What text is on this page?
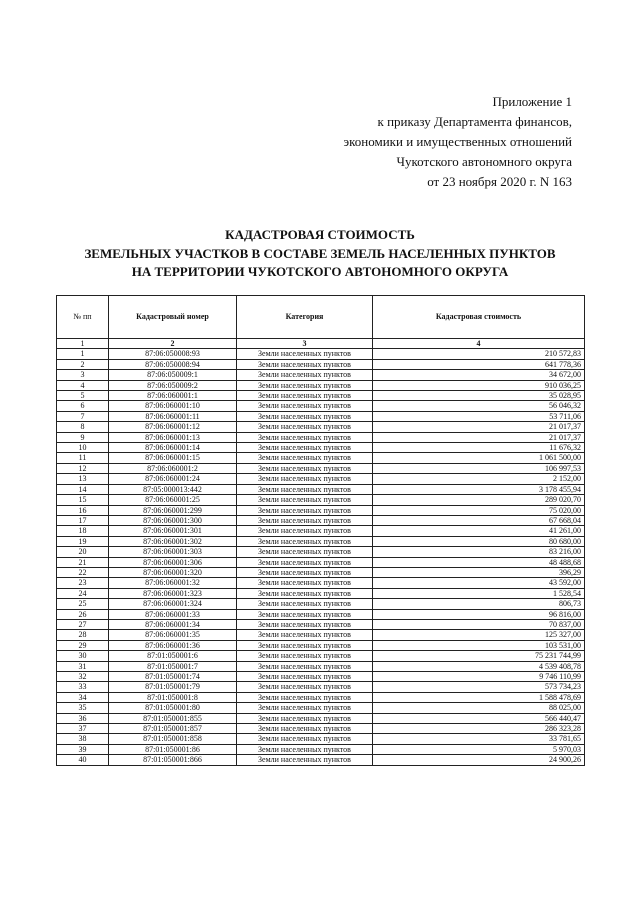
Приложение 1
к приказу Департамента финансов,
экономики и имущественных отношений
Чукотского автономного округа
от 23 ноября 2020 г. N 163
КАДАСТРОВАЯ СТОИМОСТЬ
ЗЕМЕЛЬНЫХ УЧАСТКОВ В СОСТАВЕ ЗЕМЕЛЬ НАСЕЛЕННЫХ ПУНКТОВ
НА ТЕРРИТОРИИ ЧУКОТСКОГО АВТОНОМНОГО ОКРУГА
№ пп	Кадастровый номер	Категория	Кадастровая стоимость
1	2	3	4
1	87:06:050008:93	Земли населенных пунктов	210 572,83
2	87:06:050008:94	Земли населенных пунктов	641 778,36
3	87:06:050009:1	Земли населенных пунктов	34 672,00
4	87:06:050009:2	Земли населенных пунктов	910 036,25
5	87:06:060001:1	Земли населенных пунктов	35 028,95
6	87:06:060001:10	Земли населенных пунктов	56 046,32
7	87:06:060001:11	Земли населенных пунктов	53 711,06
8	87:06:060001:12	Земли населенных пунктов	21 017,37
9	87:06:060001:13	Земли населенных пунктов	21 017,37
10	87:06:060001:14	Земли населенных пунктов	11 676,32
11	87:06:060001:15	Земли населенных пунктов	1 061 500,00
12	87:06:060001:2	Земли населенных пунктов	106 997,53
13	87:06:060001:24	Земли населенных пунктов	2 152,00
14	87:05:000013:442	Земли населенных пунктов	3 178 455,94
15	87:06:060001:25	Земли населенных пунктов	289 020,70
16	87:06:060001:299	Земли населенных пунктов	75 020,00
17	87:06:060001:300	Земли населенных пунктов	67 668,04
18	87:06:060001:301	Земли населенных пунктов	41 261,00
19	87:06:060001:302	Земли населенных пунктов	80 680,00
20	87:06:060001:303	Земли населенных пунктов	83 216,00
21	87:06:060001:306	Земли населенных пунктов	48 488,68
22	87:06:060001:320	Земли населенных пунктов	396,29
23	87:06:060001:32	Земли населенных пунктов	43 592,00
24	87:06:060001:323	Земли населенных пунктов	1 528,54
25	87:06:060001:324	Земли населенных пунктов	806,73
26	87:06:060001:33	Земли населенных пунктов	96 816,00
27	87:06:060001:34	Земли населенных пунктов	70 837,00
28	87:06:060001:35	Земли населенных пунктов	125 327,00
29	87:06:060001:36	Земли населенных пунктов	103 531,00
30	87:01:050001:6	Земли населенных пунктов	75 231 744,99
31	87:01:050001:7	Земли населенных пунктов	4 539 408,78
32	87:01:050001:74	Земли населенных пунктов	9 746 110,99
33	87:01:050001:79	Земли населенных пунктов	573 734,23
34	87:01:050001:8	Земли населенных пунктов	1 588 478,69
35	87:01:050001:80	Земли населенных пунктов	88 025,00
36	87:01:050001:855	Земли населенных пунктов	566 440,47
37	87:01:050001:857	Земли населенных пунктов	286 323,28
38	87:01:050001:858	Земли населенных пунктов	33 781,65
39	87:01:050001:86	Земли населенных пунктов	5 970,03
40	87:01:050001:866	Земли населенных пунктов	24 900,26
